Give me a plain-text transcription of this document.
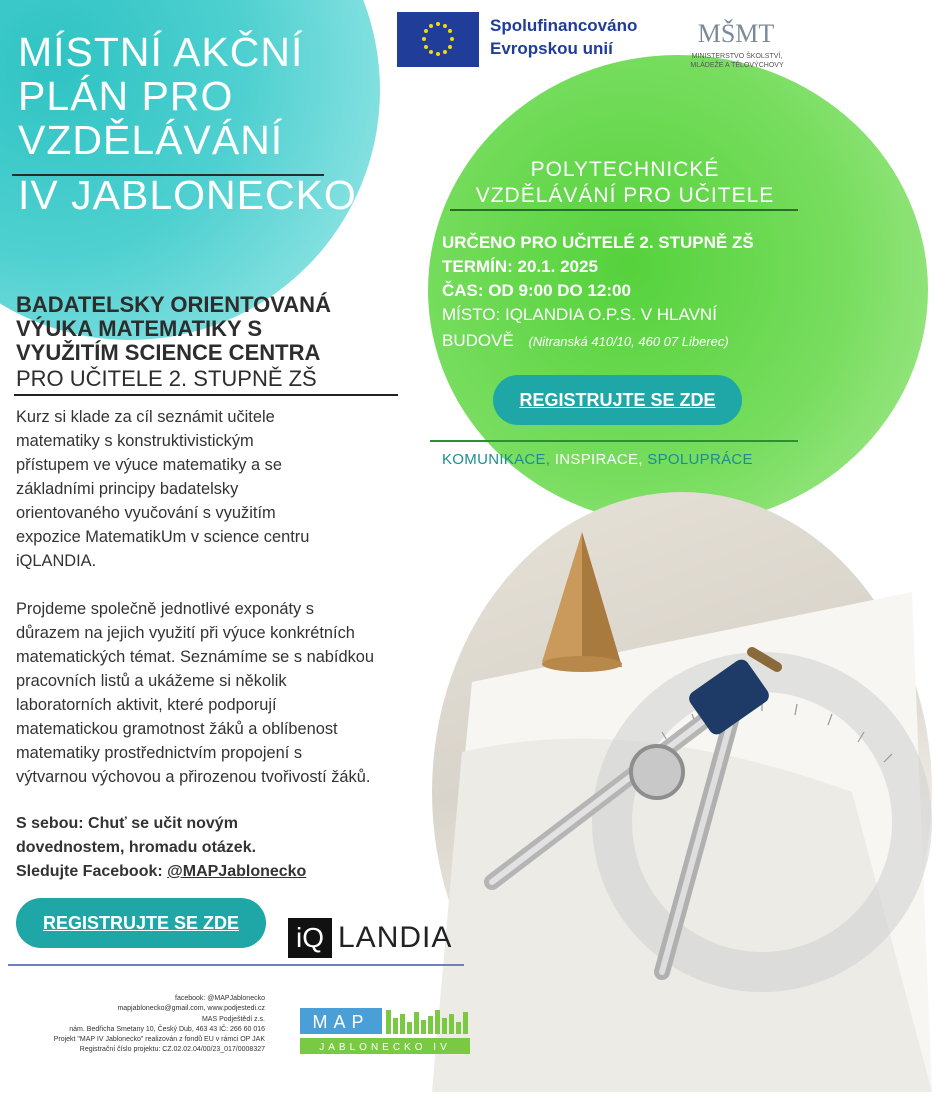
MÍSTNÍ AKČNÍ
PLÁN PRO
VZDĚLÁVÁNÍ
IV JABLONECKO
Spolufinancováno
Evropskou unií
MŠMT
MINISTERSTVO ŠKOLSTVÍ,
MLÁDEŽE A TĚLOVÝCHOVY
POLYTECHNICKÉ
VZDĚLÁVÁNÍ PRO UČITELE
URČENO PRO UČITELÉ 2. STUPNĚ ZŠ
TERMÍN: 20.1. 2025
ČAS: OD 9:00 DO 12:00
MÍSTO: IQLANDIA O.P.S. V HLAVNÍ
BUDOVĚ (Nitranská 410/10, 460 07 Liberec)
REGISTRUJTE SE ZDE
KOMUNIKACE, INSPIRACE, SPOLUPRÁCE
BADATELSKY ORIENTOVANÁ
VÝUKA MATEMATIKY S
VYUŽITÍM SCIENCE CENTRA
PRO UČITELE 2. STUPNĚ ZŠ
Kurz si klade za cíl seznámit učitele
matematiky s konstruktivistickým
přístupem ve výuce matematiky a se
základními principy badatelsky
orientovaného vyučování s využitím
expozice MatematikUm v science centru
iQLANDIA.
Projdeme společně jednotlivé exponáty s
důrazem na jejich využití při výuce konkrétních
matematických témat. Seznámíme se s nabídkou
pracovních listů a ukážeme si několik
laboratorních aktivit, které podporují
matematickou gramotnost žáků a oblíbenost
matematiky prostřednictvím propojení s
výtvarnou výchovou a přirozenou tvořivostí žáků.
S sebou: Chuť se učit novým
dovednostem, hromadu otázek.
Sledujte Facebook: @MAPJablonecko
REGISTRUJTE SE ZDE	iQ LANDIA
facebook: @MAPJablonecko
mapjablonecko@gmail.com, www.podjestedi.cz
MAS Podještědí z.s.
nám. Bedřicha Smetany 10, Český Dub, 463 43 IČ: 266 60 016
Projekt "MAP IV Jablonecko" realizován z fondů EU v rámci OP JAK
Registrační číslo projektu: CZ.02.02.04/00/23_017/0008327
MAP
JABLONECKO IV
